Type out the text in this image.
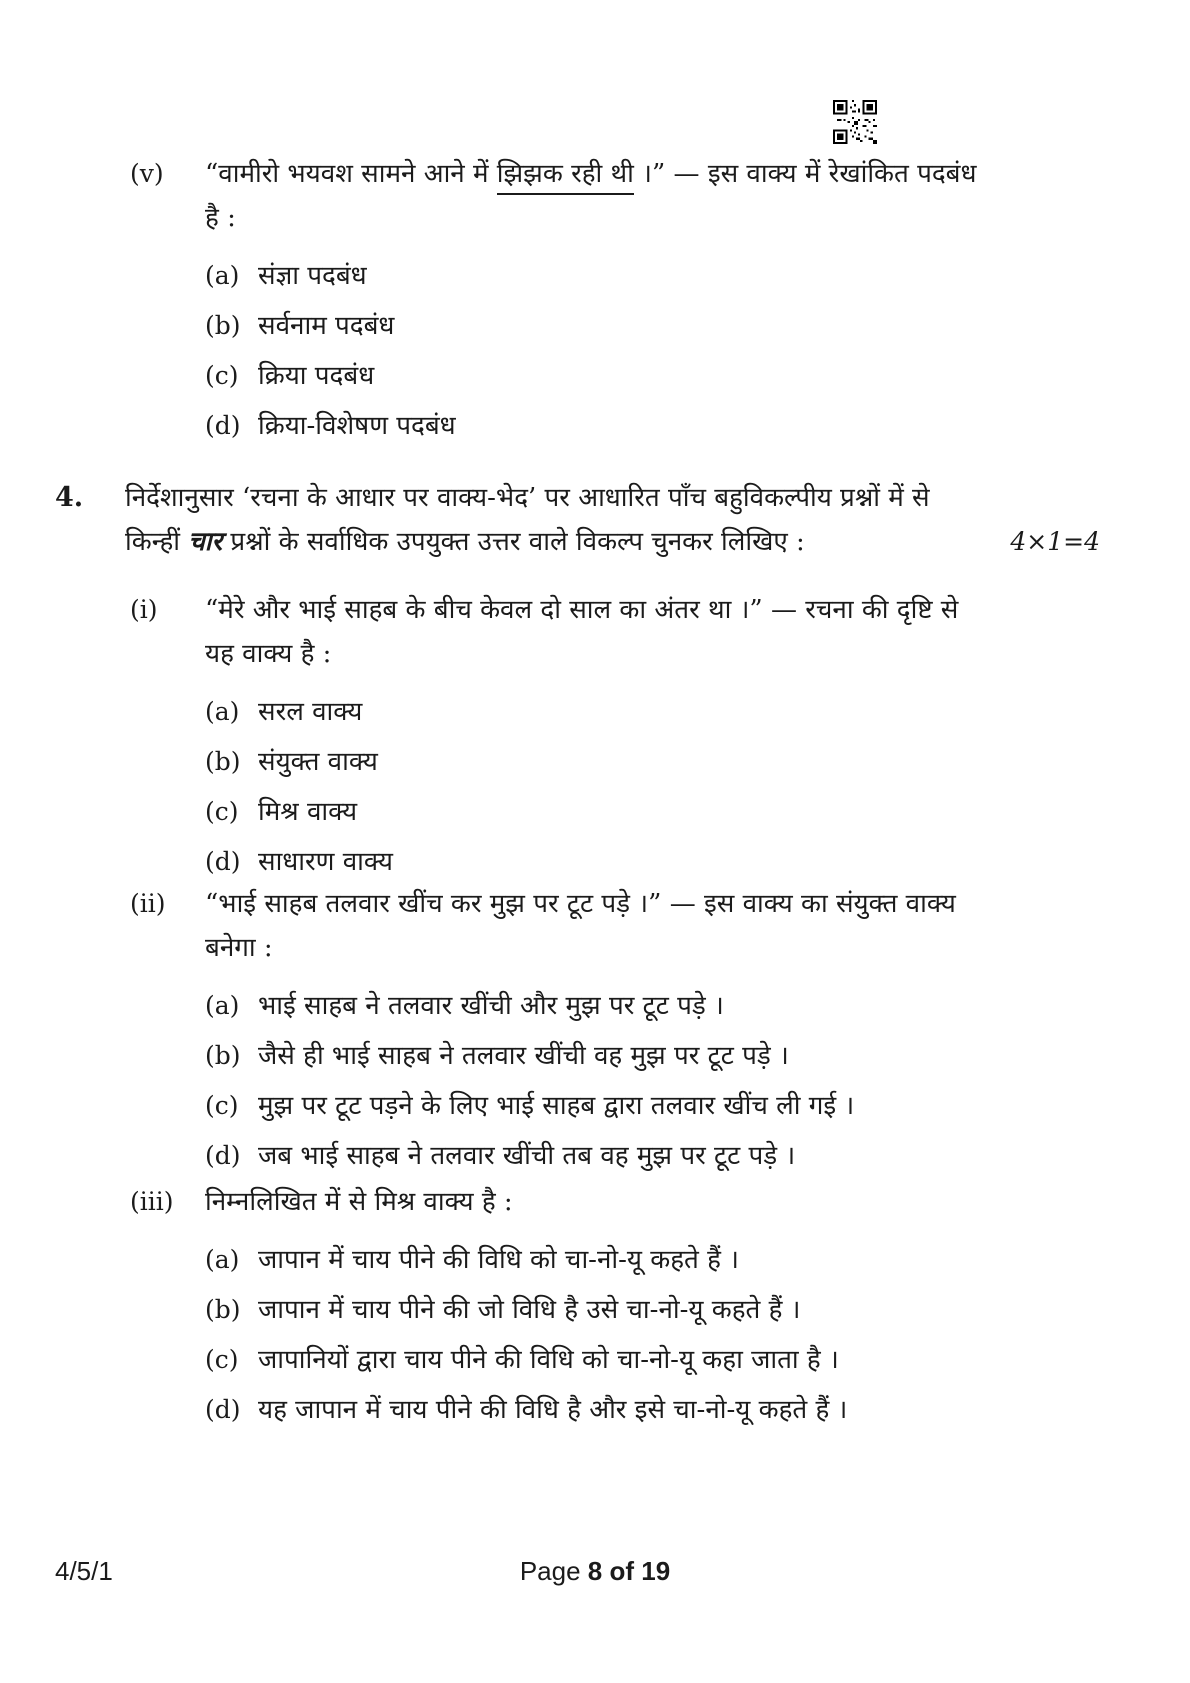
(v)	“वामीरो भयवश सामने आने में झिझक रही थी ।” — इस वाक्य में रेखांकित पदबंध
है :
(a) संज्ञा पदबंध
(b) सर्वनाम पदबंध
(c) क्रिया पदबंध
(d) क्रिया-विशेषण पदबंध
4.	निर्देशानुसार ‘रचना के आधार पर वाक्य-भेद’ पर आधारित पाँच बहुविकल्पीय प्रश्नों में से
किन्हीं चार प्रश्नों के सर्वाधिक उपयुक्त उत्तर वाले विकल्प चुनकर लिखिए :	4×1=4
(i)	“मेरे और भाई साहब के बीच केवल दो साल का अंतर था ।” — रचना की दृष्टि से
यह वाक्य है :
(a) सरल वाक्य
(b) संयुक्त वाक्य
(c) मिश्र वाक्य
(d) साधारण वाक्य
(ii)	“भाई साहब तलवार खींच कर मुझ पर टूट पड़े ।” — इस वाक्य का संयुक्त वाक्य
बनेगा :
(a) भाई साहब ने तलवार खींची और मुझ पर टूट पड़े ।
(b) जैसे ही भाई साहब ने तलवार खींची वह मुझ पर टूट पड़े ।
(c) मुझ पर टूट पड़ने के लिए भाई साहब द्वारा तलवार खींच ली गई ।
(d) जब भाई साहब ने तलवार खींची तब वह मुझ पर टूट पड़े ।
(iii)	निम्नलिखित में से मिश्र वाक्य है :
(a) जापान में चाय पीने की विधि को चा-नो-यू कहते हैं ।
(b) जापान में चाय पीने की जो विधि है उसे चा-नो-यू कहते हैं ।
(c) जापानियों द्वारा चाय पीने की विधि को चा-नो-यू कहा जाता है ।
(d) यह जापान में चाय पीने की विधि है और इसे चा-नो-यू कहते हैं ।
4/5/1	Page 8 of 19
